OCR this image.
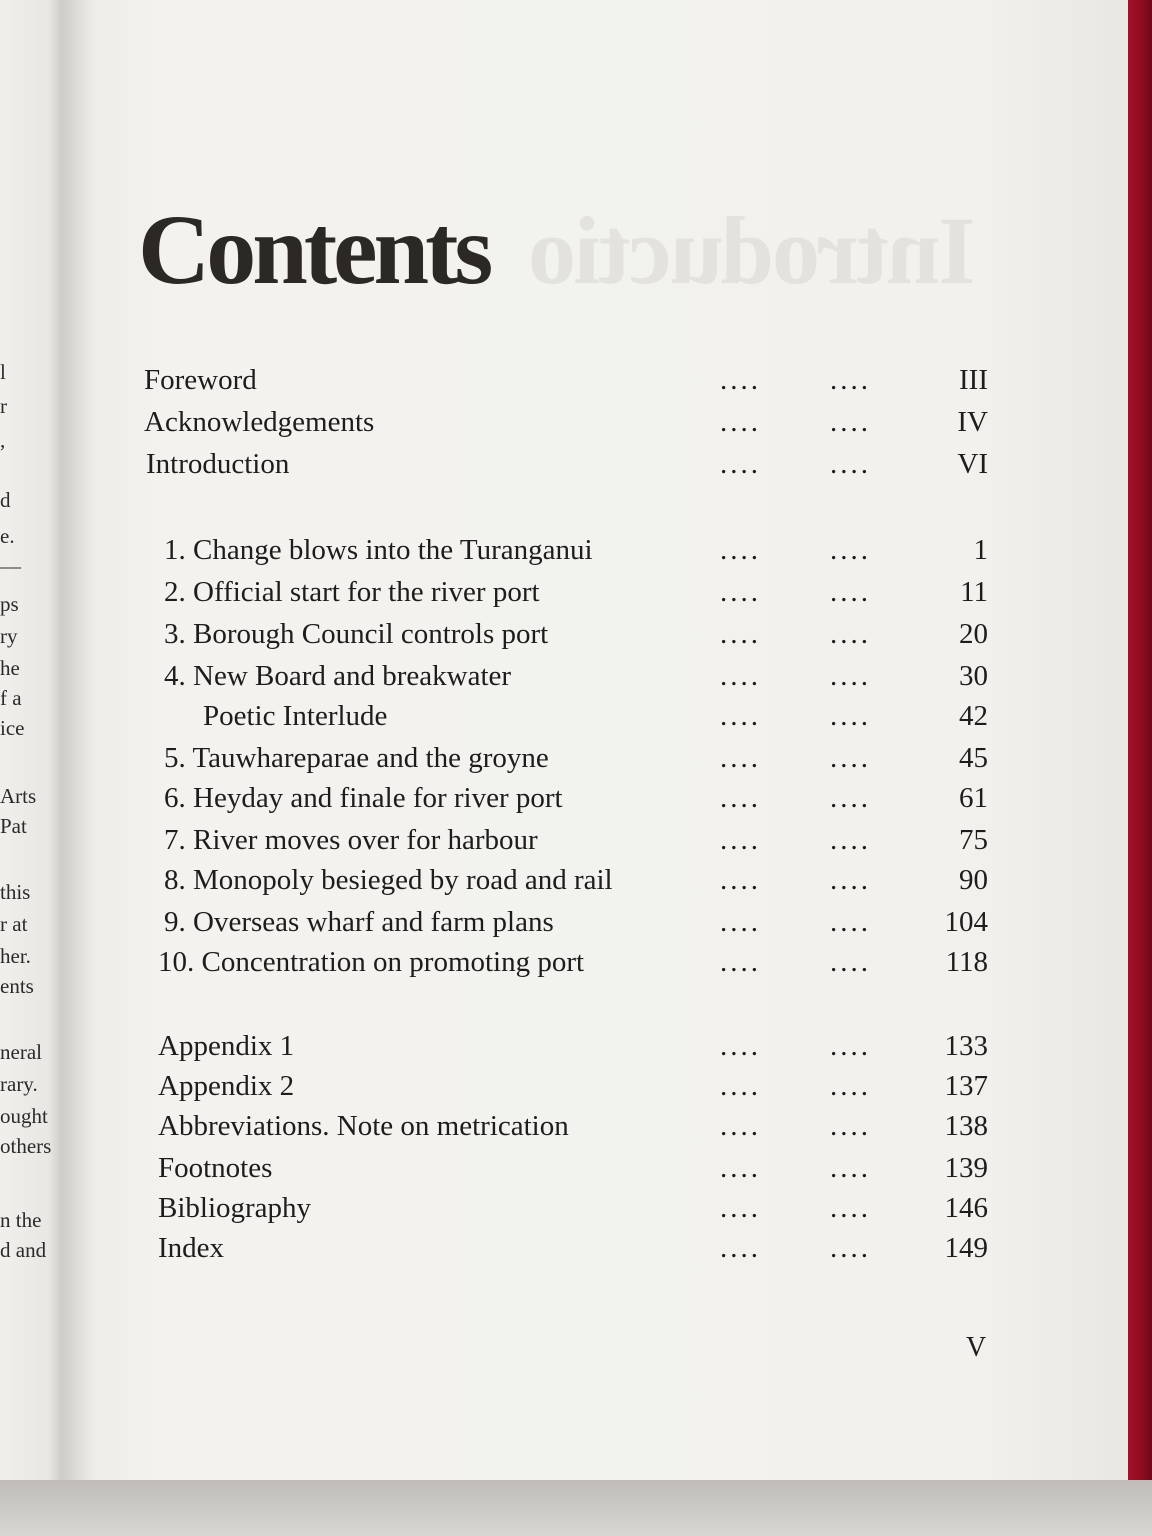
l
r
,
d
e.
—
ps
ry
he
f a
ice
Arts
Pat
this
r at
her.
ents
neral
rary.
ought
others
n the
d and
Introductio
Contents
Foreword	.... ....	III
Acknowledgements	.... ....	IV
Introduction	.... ....	VI
1. Change blows into the Turanganui	.... ....	1
2. Official start for the river port	.... ....	11
3. Borough Council controls port	.... ....	20
4. New Board and breakwater	.... ....	30
Poetic Interlude	.... ....	42
5. Tauwhareparae and the groyne	.... ....	45
6. Heyday and finale for river port	.... ....	61
7. River moves over for harbour	.... ....	75
8. Monopoly besieged by road and rail	.... ....	90
9. Overseas wharf and farm plans	.... ....	104
10. Concentration on promoting port	.... ....	118
Appendix 1	.... ....	133
Appendix 2	.... ....	137
Abbreviations. Note on metrication	.... ....	138
Footnotes	.... ....	139
Bibliography	.... ....	146
Index	.... ....	149
V
